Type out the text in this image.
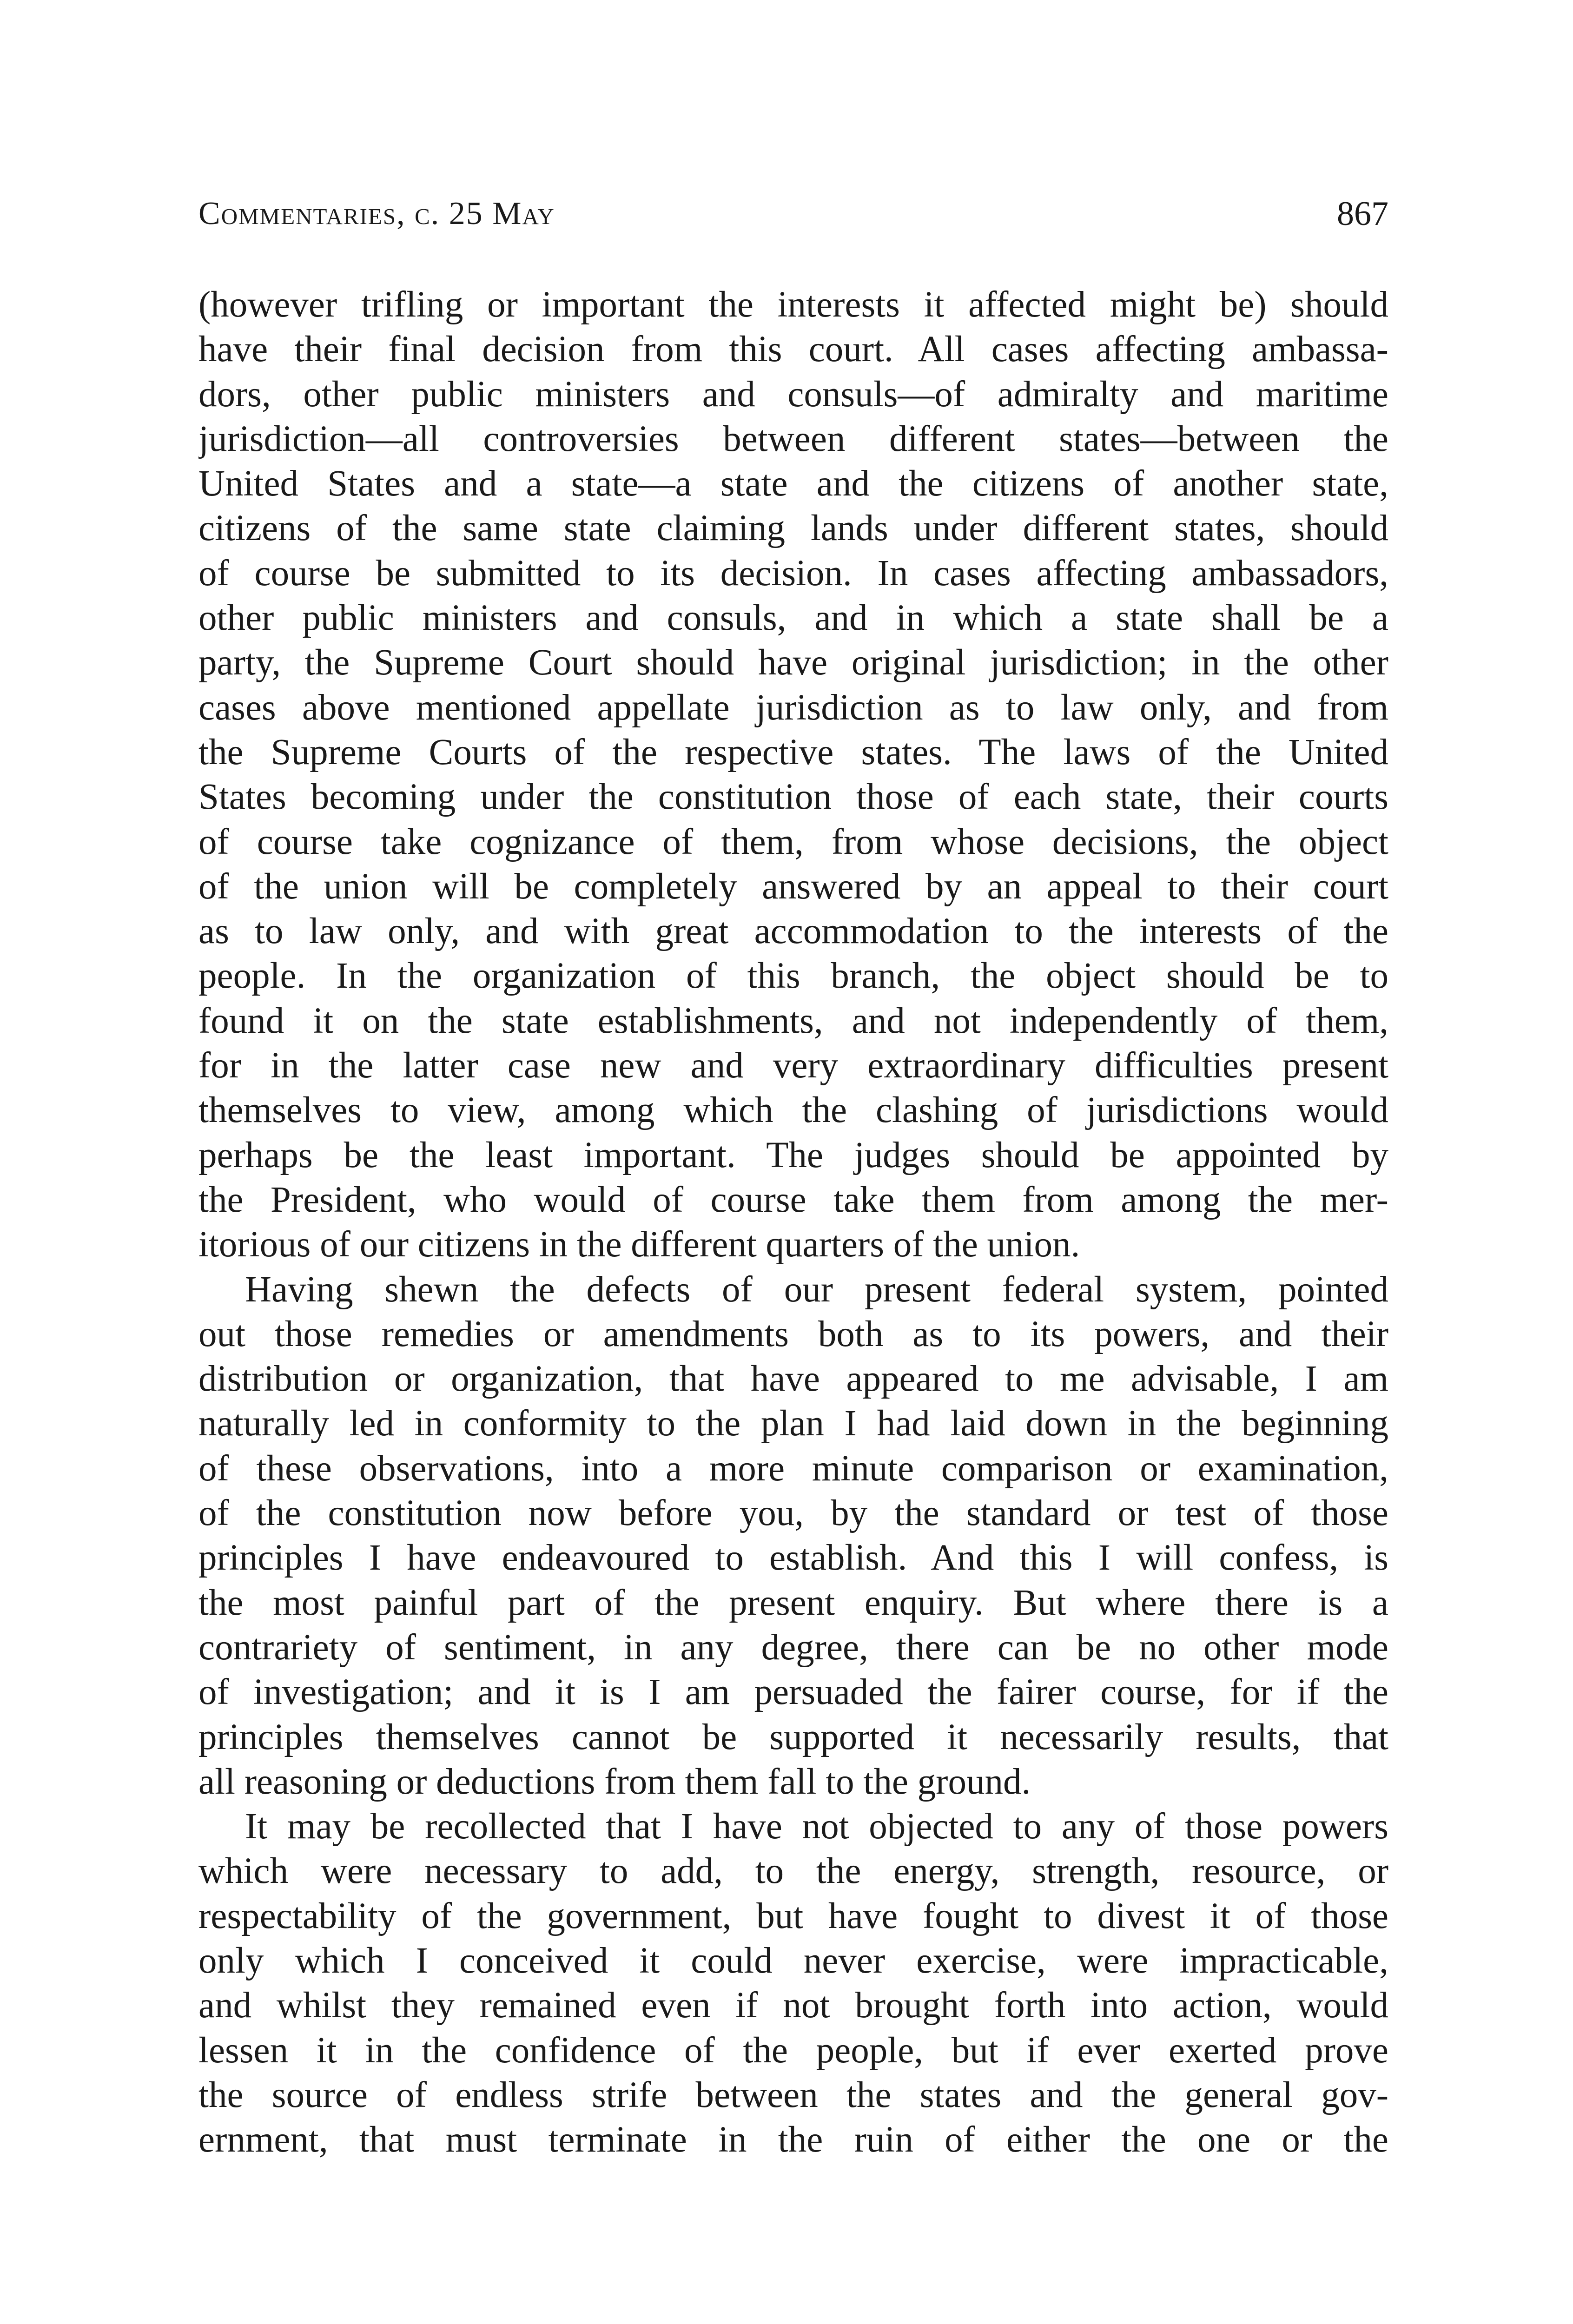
Commentaries, c. 25 May	867
(however trifling or important the interests it affected might be) should
have their final decision from this court. All cases affecting ambassa-
dors, other public ministers and consuls—of admiralty and maritime
jurisdiction—all controversies between different states—between the
United States and a state—a state and the citizens of another state,
citizens of the same state claiming lands under different states, should
of course be submitted to its decision. In cases affecting ambassadors,
other public ministers and consuls, and in which a state shall be a
party, the Supreme Court should have original jurisdiction; in the other
cases above mentioned appellate jurisdiction as to law only, and from
the Supreme Courts of the respective states. The laws of the United
States becoming under the constitution those of each state, their courts
of course take cognizance of them, from whose decisions, the object
of the union will be completely answered by an appeal to their court
as to law only, and with great accommodation to the interests of the
people. In the organization of this branch, the object should be to
found it on the state establishments, and not independently of them,
for in the latter case new and very extraordinary difficulties present
themselves to view, among which the clashing of jurisdictions would
perhaps be the least important. The judges should be appointed by
the President, who would of course take them from among the mer-
itorious of our citizens in the different quarters of the union.
Having shewn the defects of our present federal system, pointed
out those remedies or amendments both as to its powers, and their
distribution or organization, that have appeared to me advisable, I am
naturally led in conformity to the plan I had laid down in the beginning
of these observations, into a more minute comparison or examination,
of the constitution now before you, by the standard or test of those
principles I have endeavoured to establish. And this I will confess, is
the most painful part of the present enquiry. But where there is a
contrariety of sentiment, in any degree, there can be no other mode
of investigation; and it is I am persuaded the fairer course, for if the
principles themselves cannot be supported it necessarily results, that
all reasoning or deductions from them fall to the ground.
It may be recollected that I have not objected to any of those powers
which were necessary to add, to the energy, strength, resource, or
respectability of the government, but have fought to divest it of those
only which I conceived it could never exercise, were impracticable,
and whilst they remained even if not brought forth into action, would
lessen it in the confidence of the people, but if ever exerted prove
the source of endless strife between the states and the general gov-
ernment, that must terminate in the ruin of either the one or the
